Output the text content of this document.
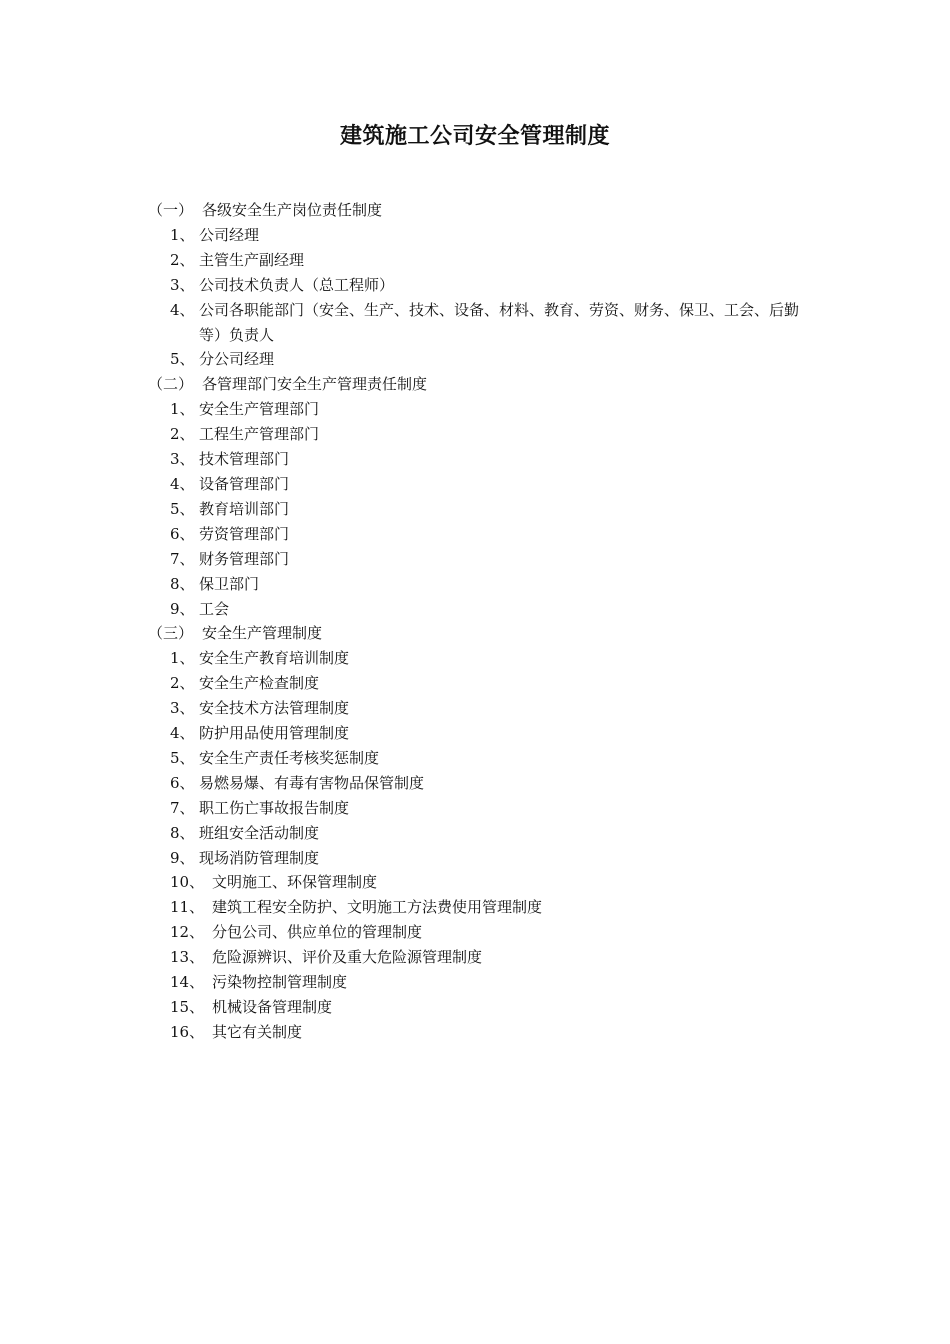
建筑施工公司安全管理制度
（一） 各级安全生产岗位责任制度
1、 公司经理
2、 主管生产副经理
3、 公司技术负责人（总工程师）
4、 公司各职能部门（安全、生产、技术、设备、材料、教育、劳资、财务、保卫、工会、后勤等）负责人
5、 分公司经理
（二） 各管理部门安全生产管理责任制度
1、 安全生产管理部门
2、 工程生产管理部门
3、 技术管理部门
4、 设备管理部门
5、 教育培训部门
6、 劳资管理部门
7、 财务管理部门
8、 保卫部门
9、 工会
（三） 安全生产管理制度
1、 安全生产教育培训制度
2、 安全生产检查制度
3、 安全技术方法管理制度
4、 防护用品使用管理制度
5、 安全生产责任考核奖惩制度
6、 易燃易爆、有毒有害物品保管制度
7、 职工伤亡事故报告制度
8、 班组安全活动制度
9、 现场消防管理制度
10、 文明施工、环保管理制度
11、 建筑工程安全防护、文明施工方法费使用管理制度
12、 分包公司、供应单位的管理制度
13、 危险源辨识、评价及重大危险源管理制度
14、 污染物控制管理制度
15、 机械设备管理制度
16、 其它有关制度
